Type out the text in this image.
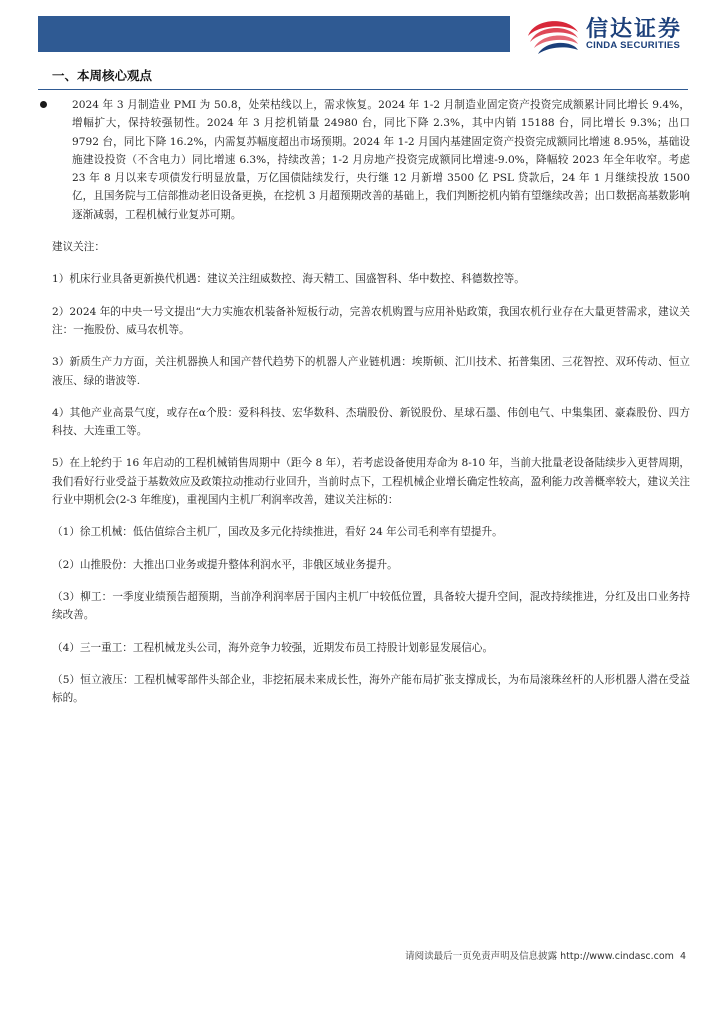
信达证券
CINDA SECURITIES
一、本周核心观点
2024 年 3 月制造业 PMI 为 50.8，处荣枯线以上，需求恢复。2024 年 1-2 月制造业固定资产投资完成额累计同比增长 9.4%，增幅扩大，保持较强韧性。2024 年 3 月挖机销量 24980 台，同比下降 2.3%，其中内销 15188 台，同比增长 9.3%；出口 9792 台，同比下降 16.2%，内需复苏幅度超出市场预期。2024 年 1-2 月国内基建固定资产投资完成额同比增速 8.95%，基础设施建设投资（不含电力）同比增速 6.3%，持续改善；1-2 月房地产投资完成额同比增速-9.0%，降幅较 2023 年全年收窄。考虑 23 年 8 月以来专项债发行明显放量，万亿国债陆续发行，央行继 12 月新增 3500 亿 PSL 贷款后，24 年 1 月继续投放 1500 亿，且国务院与工信部推动老旧设备更换，在挖机 3 月超预期改善的基础上，我们判断挖机内销有望继续改善；出口数据高基数影响逐渐减弱，工程机械行业复苏可期。
建议关注：
1）机床行业具备更新换代机遇：建议关注纽威数控、海天精工、国盛智科、华中数控、科德数控等。
2）2024 年的中央一号文提出“大力实施农机装备补短板行动，完善农机购置与应用补贴政策，我国农机行业存在大量更替需求，建议关注：一拖股份、威马农机等。
3）新质生产力方面，关注机器换人和国产替代趋势下的机器人产业链机遇：埃斯顿、汇川技术、拓普集团、三花智控、双环传动、恒立液压、绿的谐波等.
4）其他产业高景气度，或存在α个股：爱科科技、宏华数科、杰瑞股份、新锐股份、星球石墨、伟创电气、中集集团、豪森股份、四方科技、大连重工等。
5）在上轮约于 16 年启动的工程机械销售周期中（距今 8 年），若考虑设备使用寿命为 8-10 年，当前大批量老设备陆续步入更替周期，我们看好行业受益于基数效应及政策拉动推动行业回升，当前时点下，工程机械企业增长确定性较高，盈利能力改善概率较大，建议关注行业中期机会(2-3 年维度)，重视国内主机厂利润率改善，建议关注标的：
（1）徐工机械：低估值综合主机厂，国改及多元化持续推进，看好 24 年公司毛利率有望提升。
（2）山推股份：大推出口业务或提升整体利润水平，非俄区域业务提升。
（3）柳工：一季度业绩预告超预期，当前净利润率居于国内主机厂中较低位置，具备较大提升空间，混改持续推进，分红及出口业务持续改善。
（4）三一重工：工程机械龙头公司，海外竞争力较强，近期发布员工持股计划彰显发展信心。
（5）恒立液压：工程机械零部件头部企业，非挖拓展未来成长性，海外产能布局扩张支撑成长，为布局滚珠丝杆的人形机器人潜在受益标的。
请阅读最后一页免责声明及信息披露 http://www.cindasc.com 4
